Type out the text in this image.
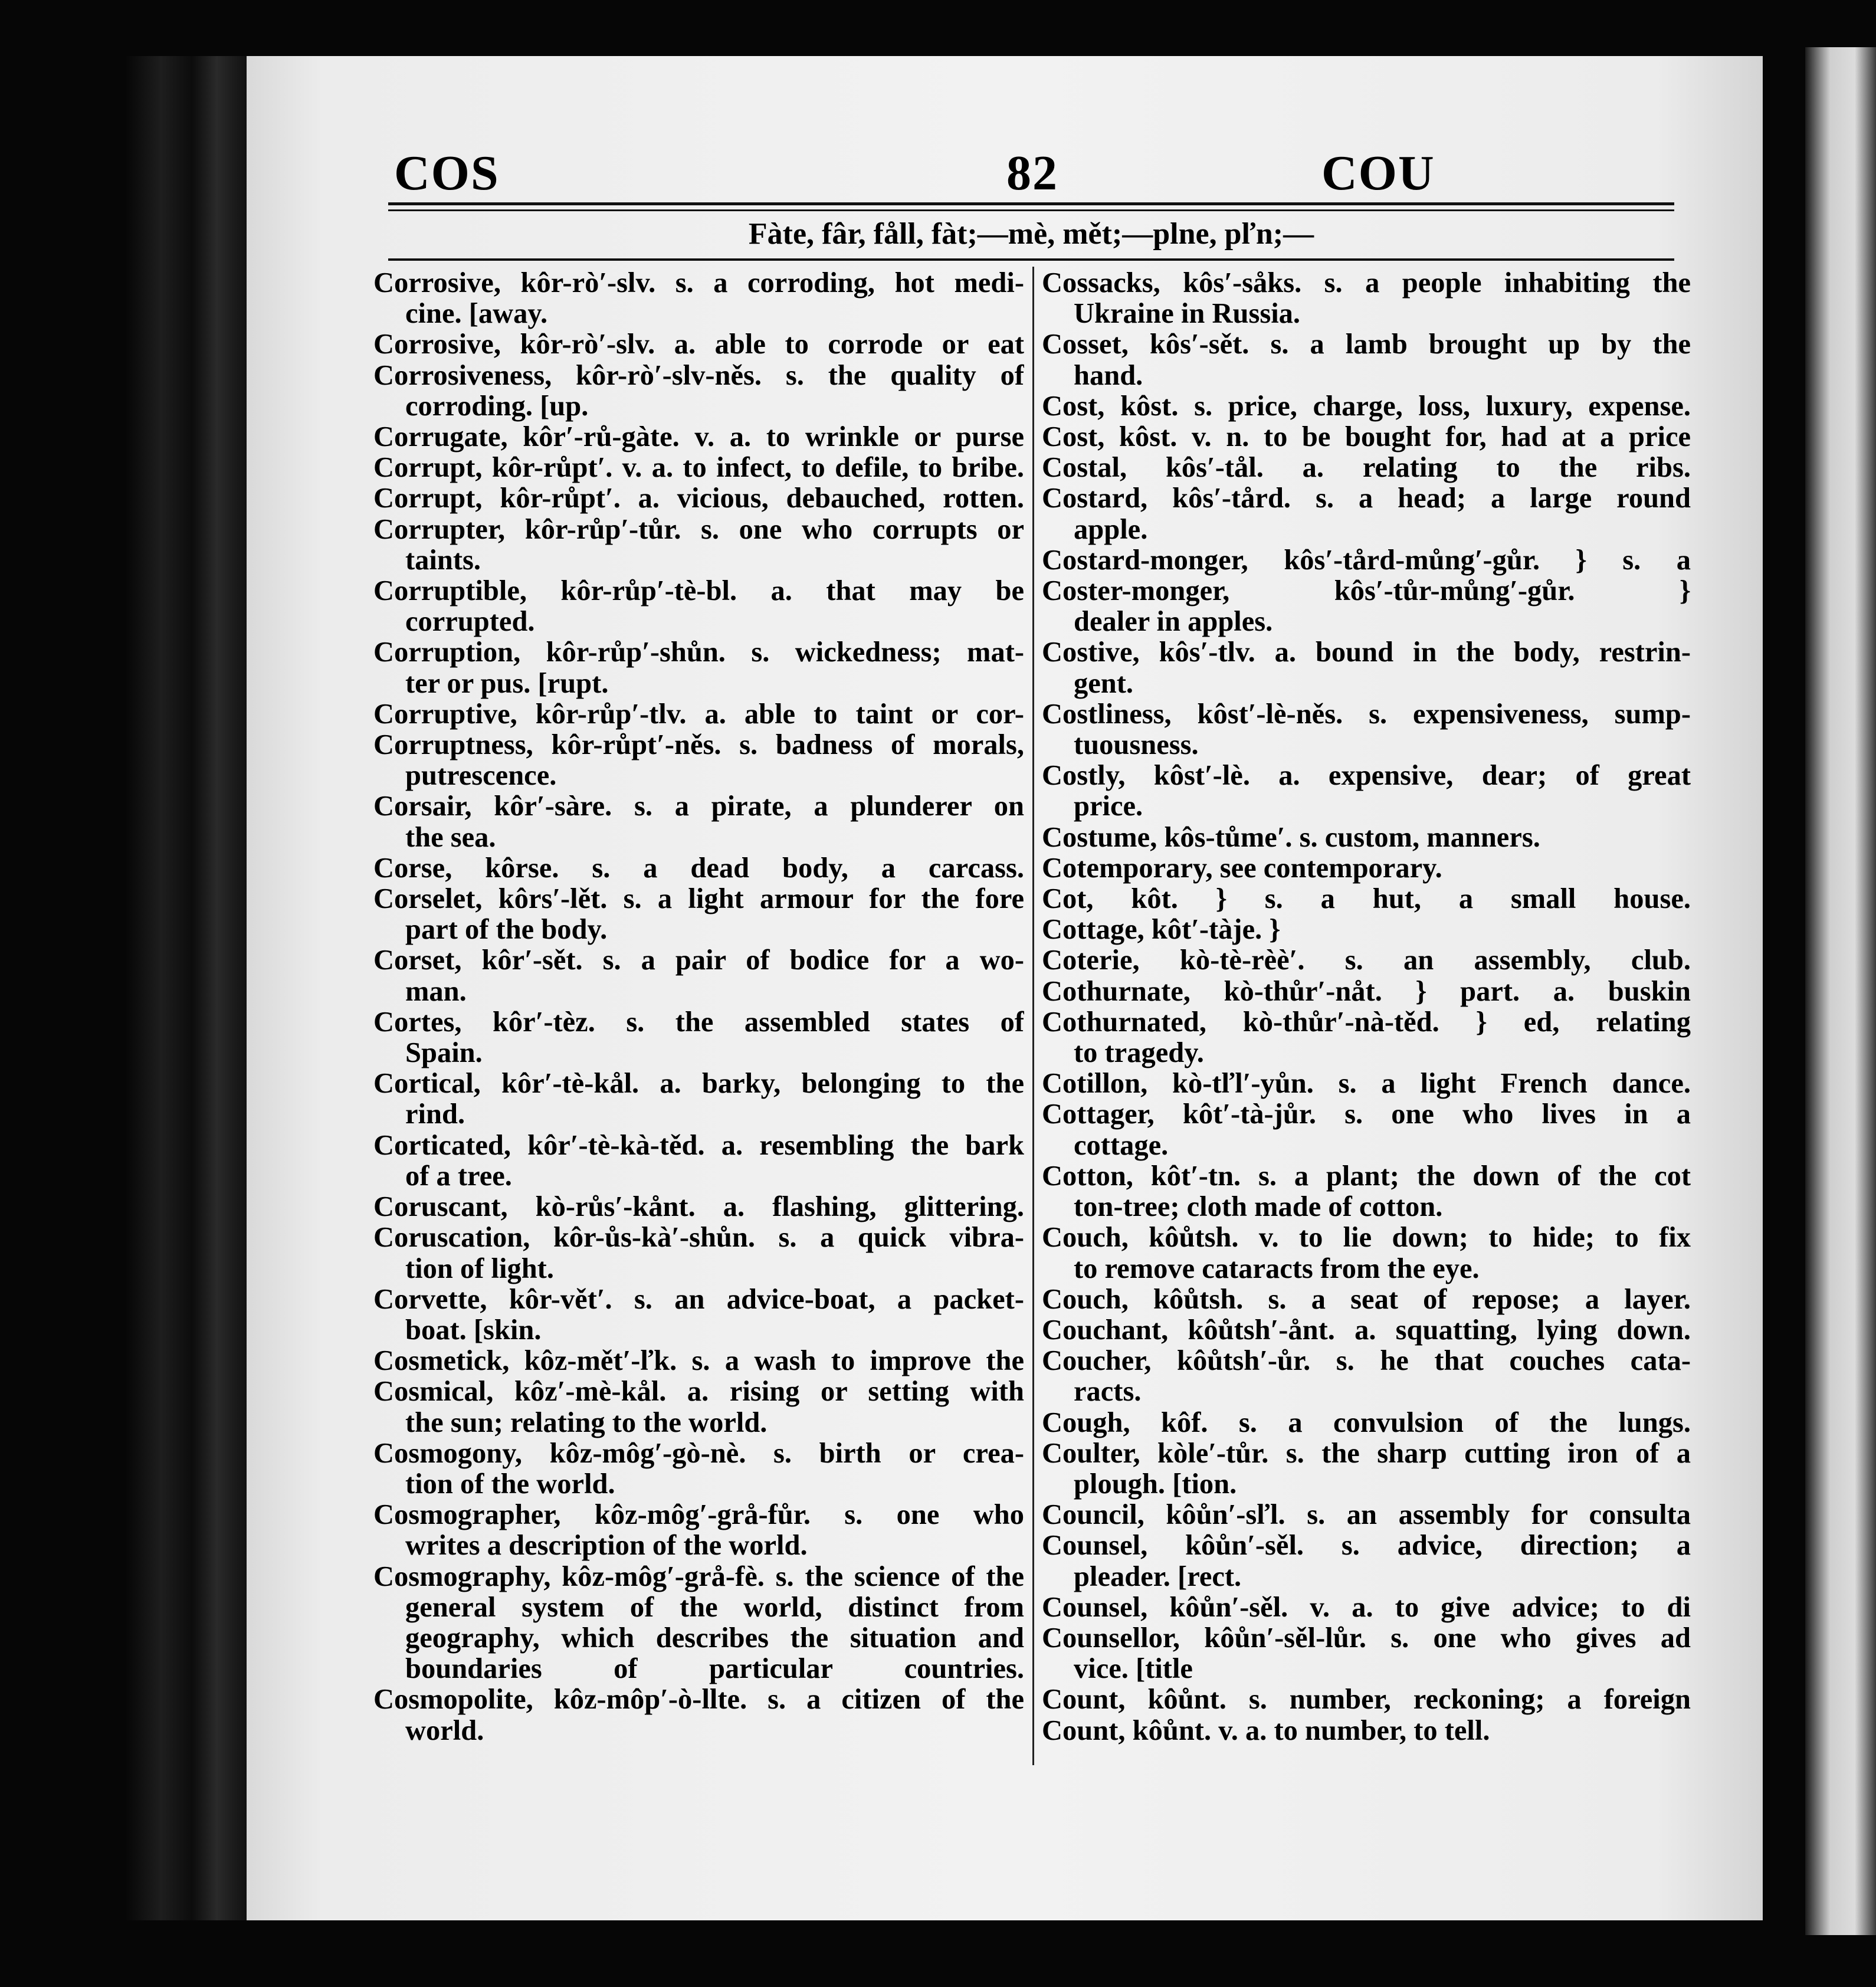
COS	82	COU
Fàte, fâr, fåll, fàt;—mè, mět;—plne, pľn;—
Corrosive, kôr-rò′-slv. s. a corroding, hot medi-
cine. [away.
Corrosive, kôr-rò′-slv. a. able to corrode or eat
Corrosiveness, kôr-rò′-slv-něs. s. the quality of
corroding. [up.
Corrugate, kôr′-rů-gàte. v. a. to wrinkle or purse
Corrupt, kôr-růpt′. v. a. to infect, to defile, to bribe.
Corrupt, kôr-růpt′. a. vicious, debauched, rotten.
Corrupter, kôr-růp′-tůr. s. one who corrupts or
taints.
Corruptible, kôr-růp′-tè-bl. a. that may be
corrupted.
Corruption, kôr-růp′-shůn. s. wickedness; mat-
ter or pus. [rupt.
Corruptive, kôr-růp′-tlv. a. able to taint or cor-
Corruptness, kôr-růpt′-něs. s. badness of morals,
putrescence.
Corsair, kôr′-sàre. s. a pirate, a plunderer on
the sea.
Corse, kôrse. s. a dead body, a carcass.
Corselet, kôrs′-lět. s. a light armour for the fore
part of the body.
Corset, kôr′-sět. s. a pair of bodice for a wo-
man.
Cortes, kôr′-tèz. s. the assembled states of
Spain.
Cortical, kôr′-tè-kål. a. barky, belonging to the
rind.
Corticated, kôr′-tè-kà-těd. a. resembling the bark
of a tree.
Coruscant, kò-růs′-kånt. a. flashing, glittering.
Coruscation, kôr-ůs-kà′-shůn. s. a quick vibra-
tion of light.
Corvette, kôr-vět′. s. an advice-boat, a packet-
boat. [skin.
Cosmetick, kôz-mět′-ľk. s. a wash to improve the
Cosmical, kôz′-mè-kål. a. rising or setting with
the sun; relating to the world.
Cosmogony, kôz-môg′-gò-nè. s. birth or crea-
tion of the world.
Cosmographer, kôz-môg′-grå-fůr. s. one who
writes a description of the world.
Cosmography, kôz-môg′-grå-fè. s. the science of the general system of the world, distinct from geography, which describes the situation and boundaries of particular countries.
Cosmopolite, kôz-môp′-ò-llte. s. a citizen of the
world.
Cossacks, kôs′-såks. s. a people inhabiting the
Ukraine in Russia.
Cosset, kôs′-sět. s. a lamb brought up by the
hand.
Cost, kôst. s. price, charge, loss, luxury, expense.
Cost, kôst. v. n. to be bought for, had at a price
Costal, kôs′-tål. a. relating to the ribs.
Costard, kôs′-tård. s. a head; a large round
apple.
Costard-monger, kôs′-tård-můng′-gůr. } s. a
Coster-monger, kôs′-tůr-můng′-gůr. }
dealer in apples.
Costive, kôs′-tlv. a. bound in the body, restrin-
gent.
Costliness, kôst′-lè-něs. s. expensiveness, sump-
tuousness.
Costly, kôst′-lè. a. expensive, dear; of great
price.
Costume, kôs-tůme′. s. custom, manners.
Cotemporary, see contemporary.
Cot, kôt. } s. a hut, a small house.
Cottage, kôt′-tàje. }
Coterie, kò-tè-rèè′. s. an assembly, club.
Cothurnate, kò-thůr′-nåt. } part. a. buskin
Cothurnated, kò-thůr′-nà-těd. } ed, relating
to tragedy.
Cotillon, kò-tľl′-yůn. s. a light French dance.
Cottager, kôt′-tà-jůr. s. one who lives in a
cottage.
Cotton, kôt′-tn. s. a plant; the down of the cot
ton-tree; cloth made of cotton.
Couch, kôůtsh. v. to lie down; to hide; to fix
to remove cataracts from the eye.
Couch, kôůtsh. s. a seat of repose; a layer.
Couchant, kôůtsh′-ånt. a. squatting, lying down.
Coucher, kôůtsh′-ůr. s. he that couches cata-
racts.
Cough, kôf. s. a convulsion of the lungs.
Coulter, kòle′-tůr. s. the sharp cutting iron of a
plough. [tion.
Council, kôůn′-sľl. s. an assembly for consulta
Counsel, kôůn′-sěl. s. advice, direction; a
pleader. [rect.
Counsel, kôůn′-sěl. v. a. to give advice; to di
Counsellor, kôůn′-sěl-lůr. s. one who gives ad
vice. [title
Count, kôůnt. s. number, reckoning; a foreign
Count, kôůnt. v. a. to number, to tell.
